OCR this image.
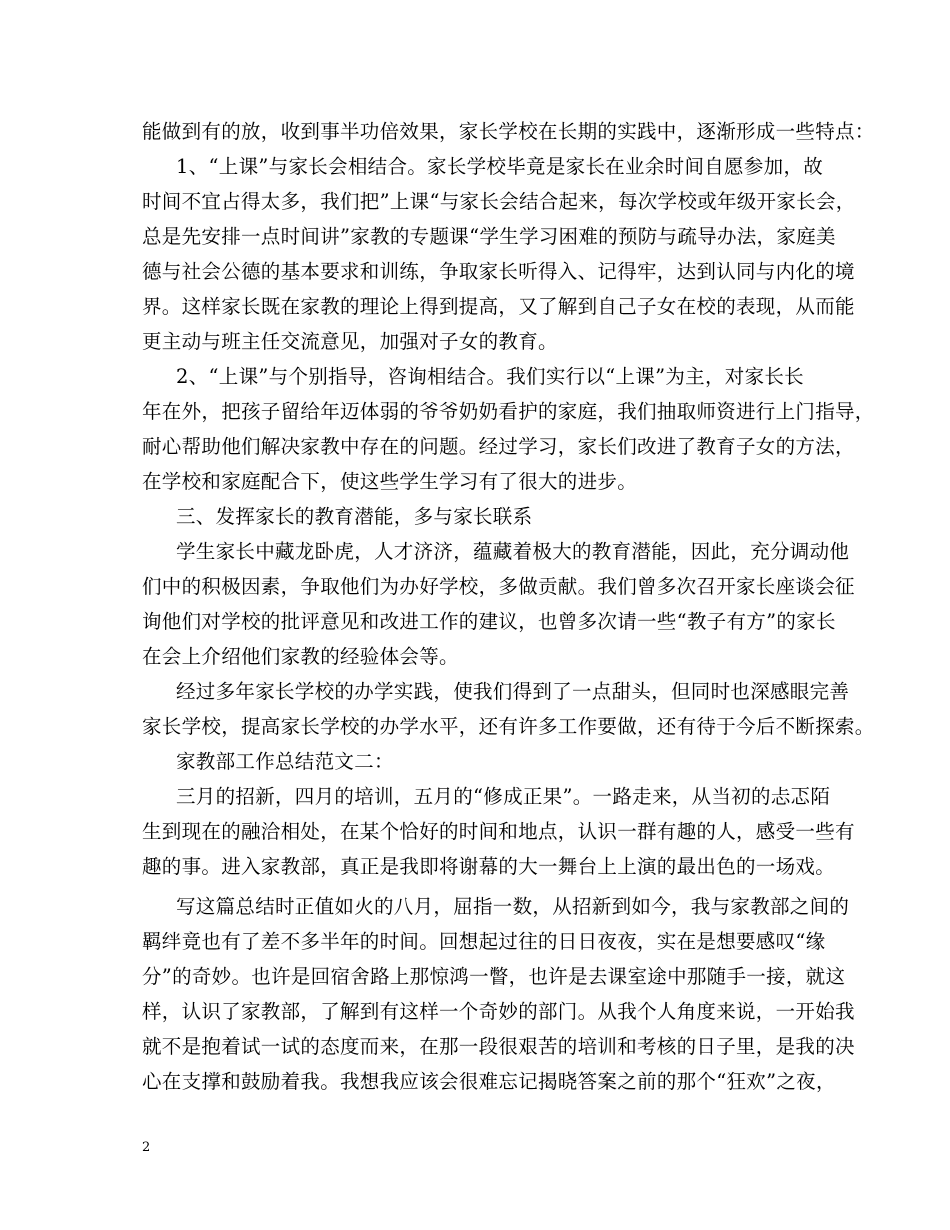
能做到有的放，收到事半功倍效果，家长学校在长期的实践中，逐渐形成一些特点：
1、“上课”与家长会相结合。家长学校毕竟是家长在业余时间自愿参加，故
时间不宜占得太多，我们把”上课“与家长会结合起来，每次学校或年级开家长会，
总是先安排一点时间讲”家教的专题课“学生学习困难的预防与疏导办法，家庭美
德与社会公德的基本要求和训练，争取家长听得入、记得牢，达到认同与内化的境
界。这样家长既在家教的理论上得到提高，又了解到自己子女在校的表现，从而能
更主动与班主任交流意见，加强对子女的教育。
2、“上课”与个别指导，咨询相结合。我们实行以“上课”为主，对家长长
年在外，把孩子留给年迈体弱的爷爷奶奶看护的家庭，我们抽取师资进行上门指导，
耐心帮助他们解决家教中存在的问题。经过学习，家长们改进了教育子女的方法，
在学校和家庭配合下，使这些学生学习有了很大的进步。
三、发挥家长的教育潜能，多与家长联系
学生家长中藏龙卧虎，人才济济，蕴藏着极大的教育潜能，因此，充分调动他
们中的积极因素，争取他们为办好学校，多做贡献。我们曾多次召开家长座谈会征
询他们对学校的批评意见和改进工作的建议，也曾多次请一些“教子有方”的家长
在会上介绍他们家教的经验体会等。
经过多年家长学校的办学实践，使我们得到了一点甜头，但同时也深感眼完善
家长学校，提高家长学校的办学水平，还有许多工作要做，还有待于今后不断探索。
家教部工作总结范文二：
三月的招新，四月的培训，五月的“修成正果”。一路走来，从当初的忐忑陌
生到现在的融洽相处，在某个恰好的时间和地点，认识一群有趣的人，感受一些有
趣的事。进入家教部，真正是我即将谢幕的大一舞台上上演的最出色的一场戏。
写这篇总结时正值如火的八月，屈指一数，从招新到如今，我与家教部之间的
羁绊竟也有了差不多半年的时间。回想起过往的日日夜夜，实在是想要感叹“缘
分”的奇妙。也许是回宿舍路上那惊鸿一瞥，也许是去课室途中那随手一接，就这
样，认识了家教部，了解到有这样一个奇妙的部门。从我个人角度来说，一开始我
就不是抱着试一试的态度而来，在那一段很艰苦的培训和考核的日子里，是我的决
心在支撑和鼓励着我。我想我应该会很难忘记揭晓答案之前的那个“狂欢”之夜，
2
